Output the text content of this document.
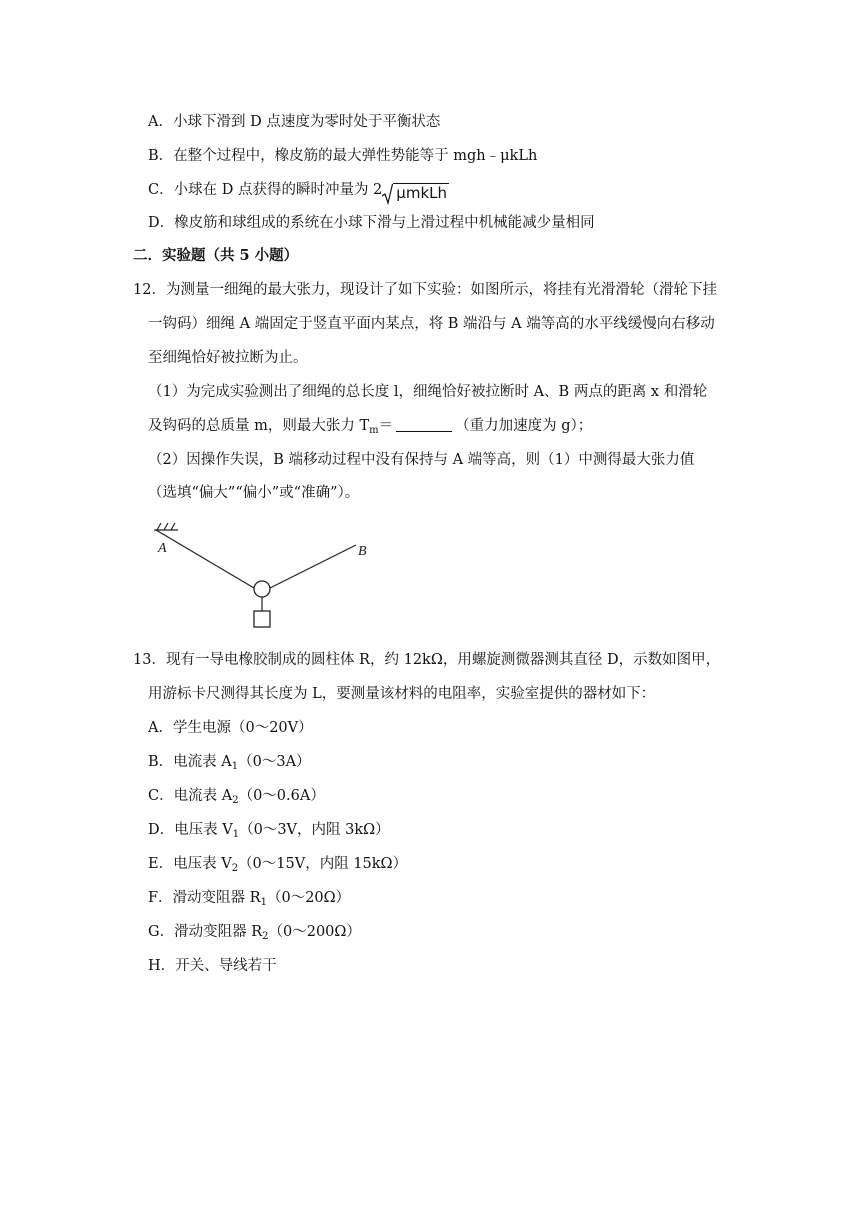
A．小球下滑到 D 点速度为零时处于平衡状态
B．在整个过程中，橡皮筋的最大弹性势能等于 mgh﹣μkLh
C．小球在 D 点获得的瞬时冲量为 2 μmkLh
D．橡皮筋和球组成的系统在小球下滑与上滑过程中机械能减少量相同
二．实验题（共 5 小题）
12．为测量一细绳的最大张力，现设计了如下实验：如图所示，将挂有光滑滑轮（滑轮下挂
一钩码）细绳 A 端固定于竖直平面内某点，将 B 端沿与 A 端等高的水平线缓慢向右移动
至细绳恰好被拉断为止。
（1）为完成实验测出了细绳的总长度 l，细绳恰好被拉断时 A、B 两点的距离 x 和滑轮
及钩码的总质量 m，则最大张力 $T_m=$	（重力加速度为 g）；
（2）因操作失误，B 端移动过程中没有保持与 A 端等高，则（1）中测得最大张力值
（选填“偏大”“偏小”或“准确”）。
A	B
13．现有一导电橡胶制成的圆柱体 R，约 12kΩ，用螺旋测微器测其直径 D，示数如图甲，
用游标卡尺测得其长度为 L，要测量该材料的电阻率，实验室提供的器材如下：
A．学生电源（0～20V）
B．电流表 $A_1(0\sim 3A)$
C．电流表 $A_2(0\sim 0.6A)$
D．电压表 $V_1(0\sim 3V$，内阻 3kΩ）
E．电压表 $V_2(0\sim 15V$，内阻 15kΩ）
F．滑动变阻器 $R_1(0\sim 20\Omega)$
G．滑动变阻器 $R_2(0\sim 200\Omega)$
H．开关、导线若干
